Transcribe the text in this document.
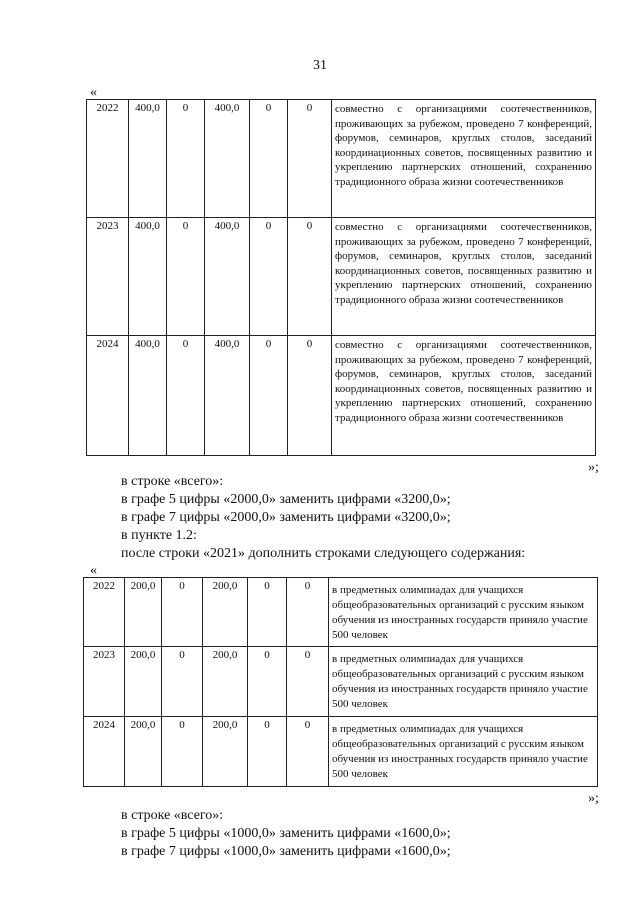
31
«
2022	400,0	0	400,0	0	0	совместно с организациями соотечественников, проживающих за рубежом, проведено 7 конференций, форумов, семинаров, круглых столов, заседаний координационных советов, посвященных развитию и укреплению партнерских отношений, сохранению традиционного образа жизни соотечественников
2023	400,0	0	400,0	0	0	совместно с организациями соотечественников, проживающих за рубежом, проведено 7 конференций, форумов, семинаров, круглых столов, заседаний координационных советов, посвященных развитию и укреплению партнерских отношений, сохранению традиционного образа жизни соотечественников
2024	400,0	0	400,0	0	0	совместно с организациями соотечественников, проживающих за рубежом, проведено 7 конференций, форумов, семинаров, круглых столов, заседаний координационных советов, посвященных развитию и укреплению партнерских отношений, сохранению традиционного образа жизни соотечественников
»;
в строке «всего»:
в графе 5 цифры «2000,0» заменить цифрами «3200,0»;
в графе 7 цифры «2000,0» заменить цифрами «3200,0»;
в пункте 1.2:
после строки «2021» дополнить строками следующего содержания:
«
2022	200,0	0	200,0	0	0	в предметных олимпиадах для учащихся общеобразовательных организаций с русским языком обучения из иностранных государств приняло участие 500 человек
2023	200,0	0	200,0	0	0	в предметных олимпиадах для учащихся общеобразовательных организаций с русским языком обучения из иностранных государств приняло участие 500 человек
2024	200,0	0	200,0	0	0	в предметных олимпиадах для учащихся общеобразовательных организаций с русским языком обучения из иностранных государств приняло участие 500 человек
»;
в строке «всего»:
в графе 5 цифры «1000,0» заменить цифрами «1600,0»;
в графе 7 цифры «1000,0» заменить цифрами «1600,0»;
